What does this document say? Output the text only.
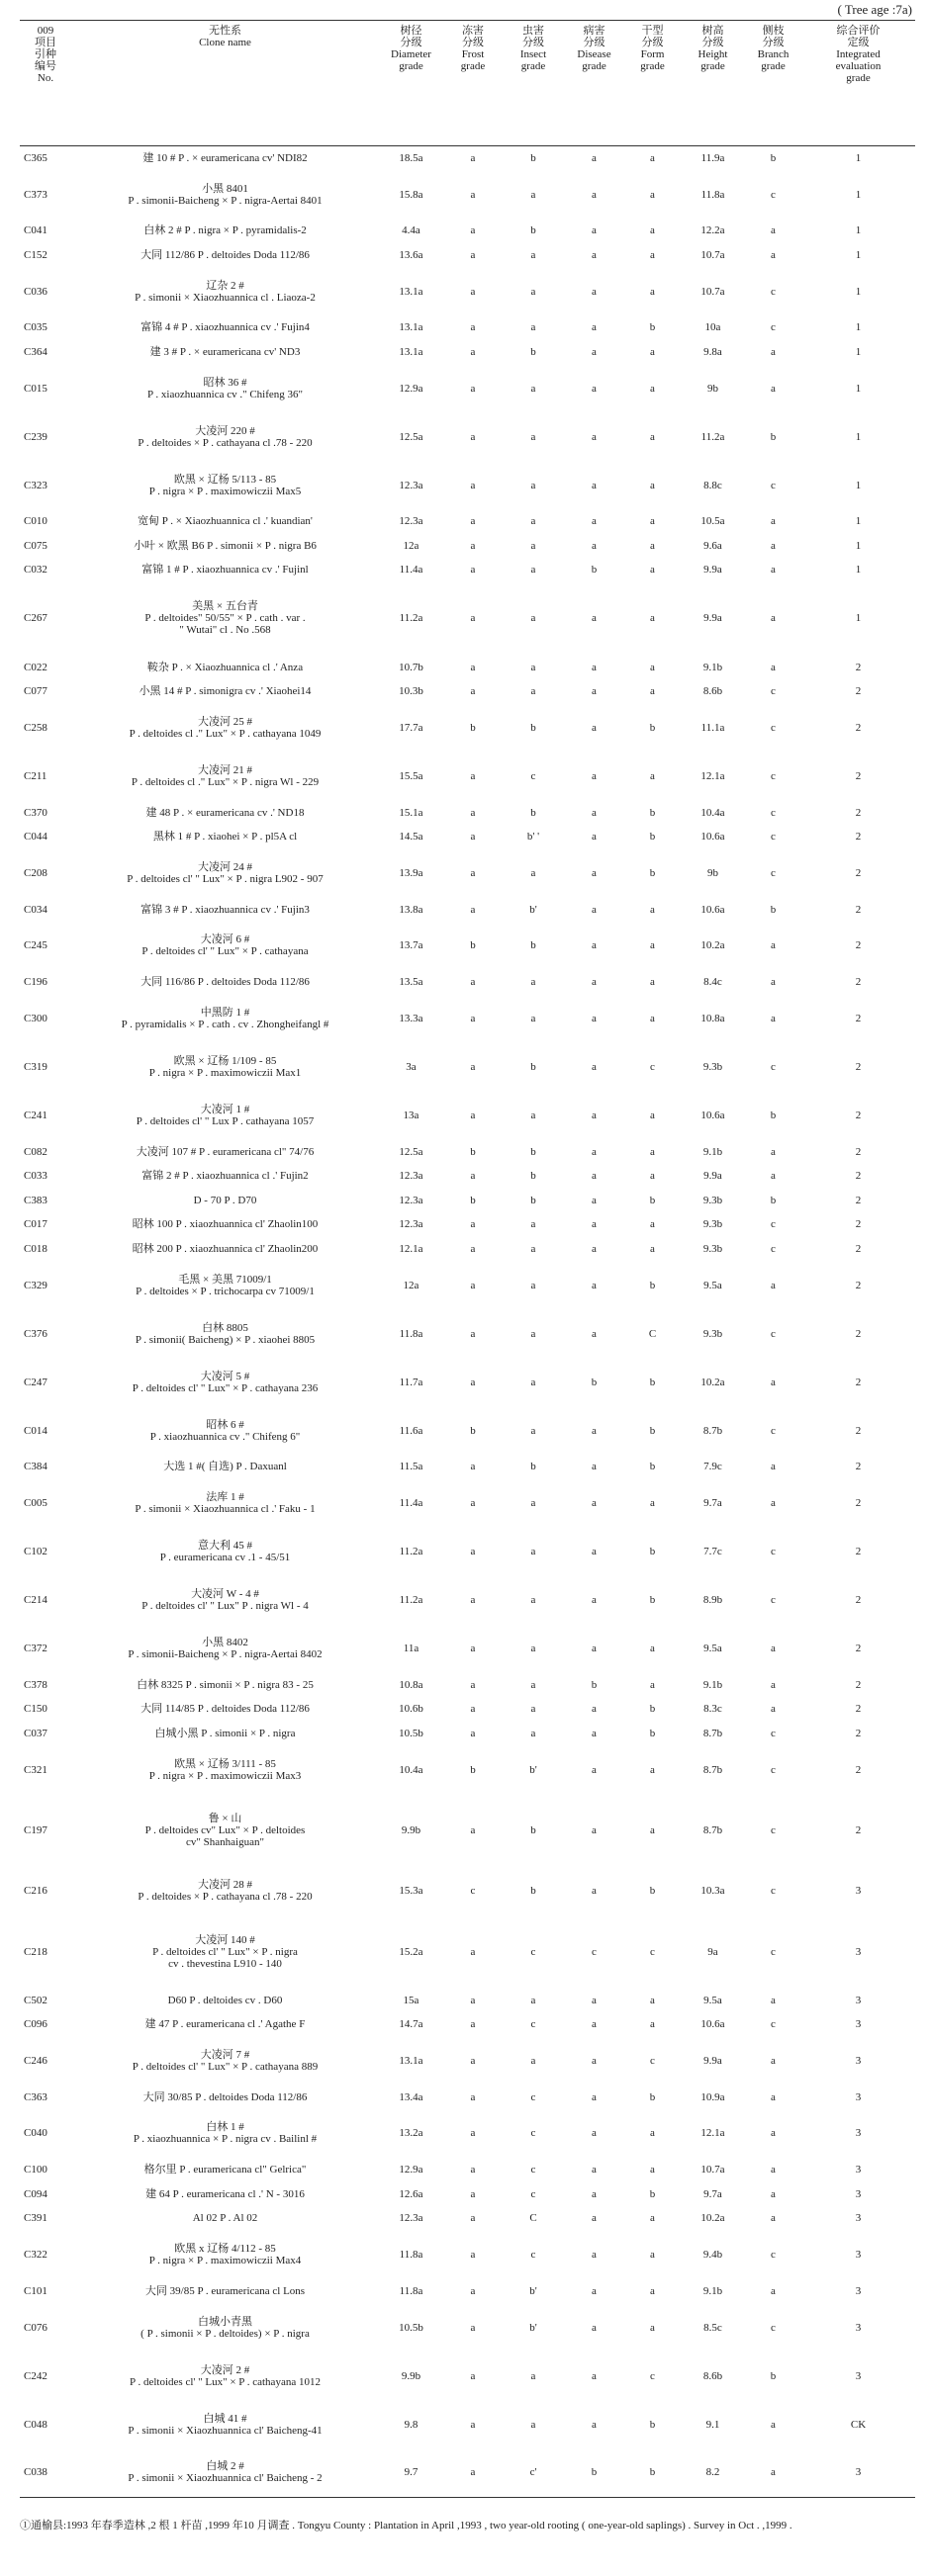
( Tree age :7a)
009
项目
引种
编号
No.	无性系
Clone name	树径
分级
Diameter
grade	冻害
分级
Frost
grade	虫害
分级
Insect
grade	病害
分级
Disease
grade	干型
分级
Form
grade	树高
分级
Height
grade	侧枝
分级
Branch
grade	综合评价
定级
Integrated
evaluation
grade
C365	建 10 # P . × euramericana cv' NDI82	18.5a	a	b	a	a	11.9a	b	1
C373	小黑 8401
P . simonii-Baicheng × P . nigra-Aertai 8401	15.8a	a	a	a	a	11.8a	c	1
C041	白林 2 # P . nigra × P . pyramidalis-2	4.4a	a	b	a	a	12.2a	a	1
C152	大同 112/86 P . deltoides Doda 112/86	13.6a	a	a	a	a	10.7a	a	1
C036	辽杂 2 #
P . simonii × Xiaozhuannica cl . Liaoza-2	13.1a	a	a	a	a	10.7a	c	1
C035	富锦 4 # P . xiaozhuannica cv .' Fujin4	13.1a	a	a	a	b	10a	c	1
C364	建 3 # P . × euramericana cv' ND3	13.1a	a	b	a	a	9.8a	a	1
C015	昭林 36 #
P . xiaozhuannica cv ." Chifeng 36"	12.9a	a	a	a	a	9b	a	1
C239	大凌河 220 #
P . deltoides × P . cathayana cl .78 - 220	12.5a	a	a	a	a	11.2a	b	1
C323	欧黑 × 辽杨 5/113 - 85
P . nigra × P . maximowiczii Max5	12.3a	a	a	a	a	8.8c	c	1
C010	宽甸 P . × Xiaozhuannica cl .' kuandian'	12.3a	a	a	a	a	10.5a	a	1
C075	小叶 × 欧黑 B6 P . simonii × P . nigra B6	12a	a	a	a	a	9.6a	a	1
C032	富锦 1 # P . xiaozhuannica cv .' Fujinl	11.4a	a	a	b	a	9.9a	a	1
C267	美黑 × 五台青
P . deltoides" 50/55" × P . cath . var .
" Wutai" cl . No .568	11.2a	a	a	a	a	9.9a	a	1
C022	鞍杂 P . × Xiaozhuannica cl .' Anza	10.7b	a	a	a	a	9.1b	a	2
C077	小黑 14 # P . simonigra cv .' Xiaohei14	10.3b	a	a	a	a	8.6b	c	2
C258	大凌河 25 #
P . deltoides cl ." Lux" × P . cathayana 1049	17.7a	b	b	a	b	11.1a	c	2
C211	大凌河 21 #
P . deltoides cl ." Lux" × P . nigra Wl - 229	15.5a	a	c	a	a	12.1a	c	2
C370	建 48 P . × euramericana cv .' ND18	15.1a	a	b	a	b	10.4a	c	2
C044	黑林 1 # P . xiaohei × P . pl5A cl	14.5a	a	b' '	a	b	10.6a	c	2
C208	大凌河 24 #
P . deltoides cl' " Lux" × P . nigra L902 - 907	13.9a	a	a	a	b	9b	c	2
C034	富锦 3 # P . xiaozhuannica cv .' Fujin3	13.8a	a	b'	a	a	10.6a	b	2
C245	大凌河 6 #
P . deltoides cl' " Lux" × P . cathayana	13.7a	b	b	a	a	10.2a	a	2
C196	大同 116/86 P . deltoides Doda 112/86	13.5a	a	a	a	a	8.4c	a	2
C300	中黑防 1 #
P . pyramidalis × P . cath . cv . Zhongheifangl #	13.3a	a	a	a	a	10.8a	a	2
C319	欧黑 × 辽杨 1/109 - 85
P . nigra × P . maximowiczii Max1	3a	a	b	a	c	9.3b	c	2
C241	大凌河 1 #
P . deltoides cl' " Lux P . cathayana 1057	13a	a	a	a	a	10.6a	b	2
C082	大凌河 107 # P . euramericana cl" 74/76	12.5a	b	b	a	a	9.1b	a	2
C033	富锦 2 # P . xiaozhuannica cl .' Fujin2	12.3a	a	b	a	a	9.9a	a	2
C383	D - 70 P . D70	12.3a	b	b	a	b	9.3b	b	2
C017	昭林 100 P . xiaozhuannica cl' Zhaolin100	12.3a	a	a	a	a	9.3b	c	2
C018	昭林 200 P . xiaozhuannica cl' Zhaolin200	12.1a	a	a	a	a	9.3b	c	2
C329	毛黑 × 美黑 71009/1
P . deltoides × P . trichocarpa cv 71009/1	12a	a	a	a	b	9.5a	a	2
C376	白林 8805
P . simonii( Baicheng) × P . xiaohei 8805	11.8a	a	a	a	C	9.3b	c	2
C247	大凌河 5 #
P . deltoides cl' " Lux" × P . cathayana 236	11.7a	a	a	b	b	10.2a	a	2
C014	昭林 6 #
P . xiaozhuannica cv ." Chifeng 6"	11.6a	b	a	a	b	8.7b	c	2
C384	大选 1 #( 自选) P . Daxuanl	11.5a	a	b	a	b	7.9c	a	2
C005	法库 1 #
P . simonii × Xiaozhuannica cl .' Faku - 1	11.4a	a	a	a	a	9.7a	a	2
C102	意大利 45 #
P . euramericana cv .1 - 45/51	11.2a	a	a	a	b	7.7c	c	2
C214	大凌河 W - 4 #
P . deltoides cl' " Lux" P . nigra Wl - 4	11.2a	a	a	a	b	8.9b	c	2
C372	小黑 8402
P . simonii-Baicheng × P . nigra-Aertai 8402	11a	a	a	a	a	9.5a	a	2
C378	白林 8325 P . simonii × P . nigra 83 - 25	10.8a	a	a	b	a	9.1b	a	2
C150	大同 114/85 P . deltoides Doda 112/86	10.6b	a	a	a	b	8.3c	a	2
C037	白城小黑 P . simonii × P . nigra	10.5b	a	a	a	b	8.7b	c	2
C321	欧黑 × 辽杨 3/111 - 85
P . nigra × P . maximowiczii Max3	10.4a	b	b'	a	a	8.7b	c	2
C197	鲁 × 山
P . deltoides cv" Lux" × P . deltoides
cv" Shanhaiguan"	9.9b	a	b	a	a	8.7b	c	2
C216	大凌河 28 #
P . deltoides × P . cathayana cl .78 - 220	15.3a	c	b	a	b	10.3a	c	3
C218	大凌河 140 #
P . deltoides cl' " Lux" × P . nigra
cv . thevestina L910 - 140	15.2a	a	c	c	c	9a	c	3
C502	D60 P . deltoides cv . D60	15a	a	a	a	a	9.5a	a	3
C096	建 47 P . euramericana cl .' Agathe F	14.7a	a	c	a	a	10.6a	c	3
C246	大凌河 7 #
P . deltoides cl' " Lux" × P . cathayana 889	13.1a	a	a	a	c	9.9a	a	3
C363	大同 30/85 P . deltoides Doda 112/86	13.4a	a	c	a	b	10.9a	a	3
C040	白林 1 #
P . xiaozhuannica × P . nigra cv . Bailinl #	13.2a	a	c	a	a	12.1a	a	3
C100	格尔里 P . euramericana cl" Gelrica"	12.9a	a	c	a	a	10.7a	a	3
C094	建 64 P . euramericana cl .' N - 3016	12.6a	a	c	a	b	9.7a	a	3
C391	Al 02 P . Al 02	12.3a	a	C	a	a	10.2a	a	3
C322	欧黑 x 辽杨 4/112 - 85
P . nigra × P . maximowiczii Max4	11.8a	a	c	a	a	9.4b	c	3
C101	大同 39/85 P . euramericana cl Lons	11.8a	a	b'	a	a	9.1b	a	3
C076	白城小青黑
( P . simonii × P . deltoides) × P . nigra	10.5b	a	b'	a	a	8.5c	c	3
C242	大凌河 2 #
P . deltoides cl' " Lux" × P . cathayana 1012	9.9b	a	a	a	c	8.6b	b	3
C048	白城 41 #
P . simonii × Xiaozhuannica cl' Baicheng-41	9.8	a	a	a	b	9.1	a	CK
C038	白城 2 #
P . simonii × Xiaozhuannica cl' Baicheng - 2	9.7	a	c'	b	b	8.2	a	3
①通榆县:1993 年春季造林 ,2 根 1 杆苗 ,1999 年10 月调查 . Tongyu County : Plantation in April ,1993 , two year-old rooting ( one-year-old saplings) . Survey in Oct . ,1999 .
